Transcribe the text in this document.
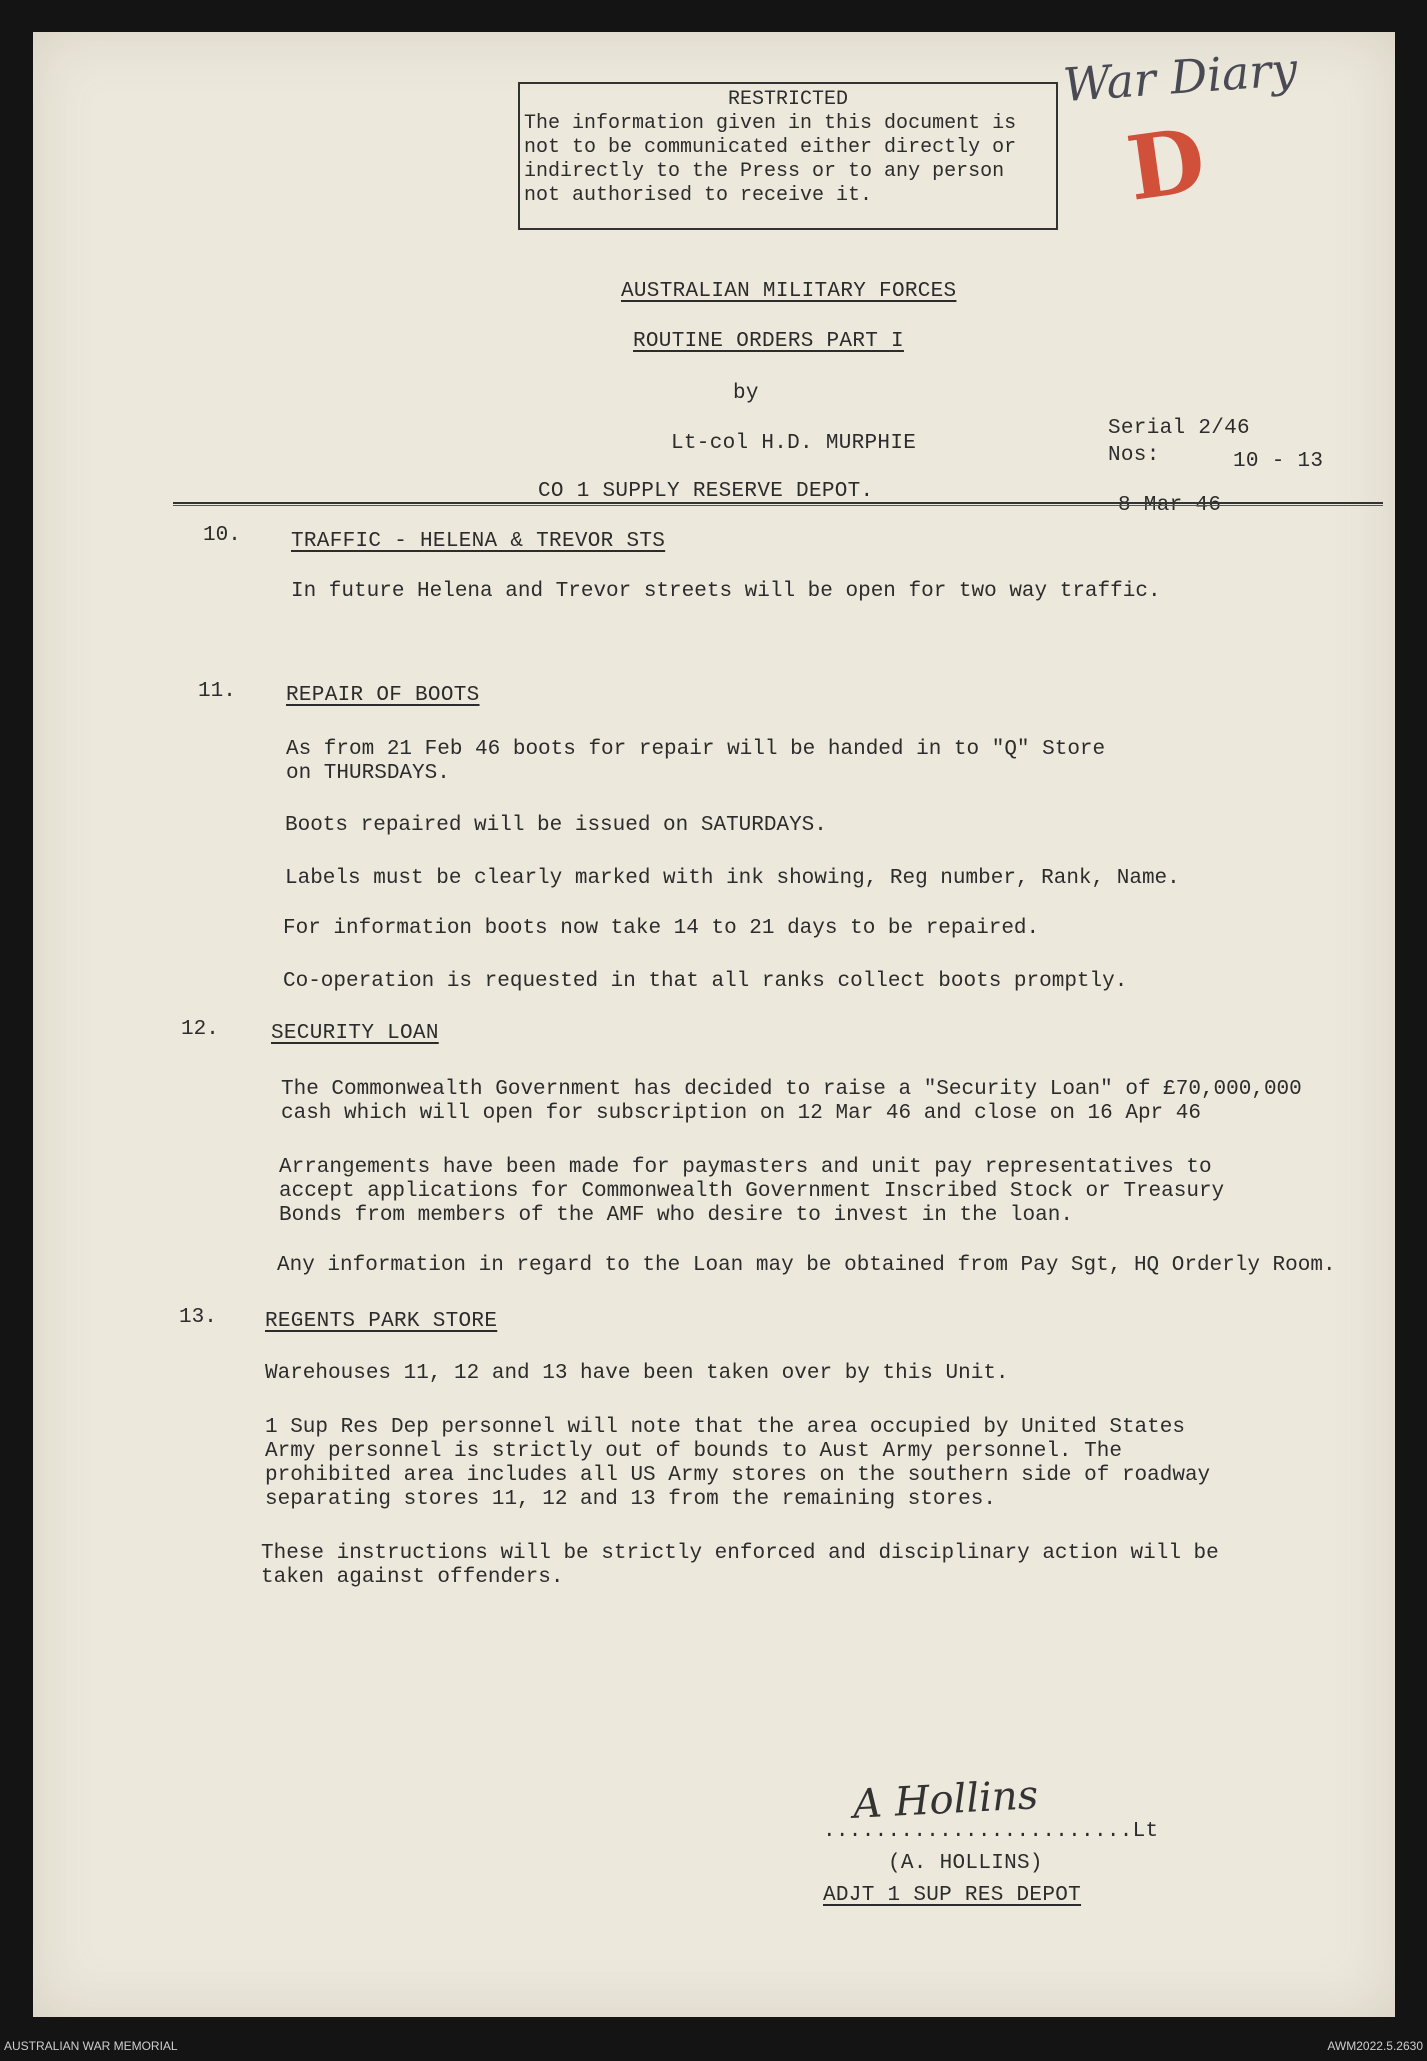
War Diary
D
RESTRICTED
The information given in this document is
not to be communicated either directly or
indirectly to the Press or to any person
not authorised to receive it.
AUSTRALIAN MILITARY FORCES
ROUTINE ORDERS PART I
by
Lt-col H.D. MURPHIE
Serial 2/46
Nos:	10 - 13
CO 1 SUPPLY RESERVE DEPOT.
8 Mar 46
10. TRAFFIC - HELENA & TREVOR STS
In future Helena and Trevor streets will be open for two way traffic.
11. REPAIR OF BOOTS
As from 21 Feb 46 boots for repair will be handed in to "Q" Store
on THURSDAYS.
Boots repaired will be issued on SATURDAYS.
Labels must be clearly marked with ink showing, Reg number, Rank, Name.
For information boots now take 14 to 21 days to be repaired.
Co-operation is requested in that all ranks collect boots promptly.
12. SECURITY LOAN
The Commonwealth Government has decided to raise a "Security Loan" of £70,000,000
cash which will open for subscription on 12 Mar 46 and close on 16 Apr 46
Arrangements have been made for paymasters and unit pay representatives to
accept applications for Commonwealth Government Inscribed Stock or Treasury
Bonds from members of the AMF who desire to invest in the loan.
Any information in regard to the Loan may be obtained from Pay Sgt, HQ Orderly Room.
13. REGENTS PARK STORE
Warehouses 11, 12 and 13 have been taken over by this Unit.
1 Sup Res Dep personnel will note that the area occupied by United States
Army personnel is strictly out of bounds to Aust Army personnel. The
prohibited area includes all US Army stores on the southern side of roadway
separating stores 11, 12 and 13 from the remaining stores.
These instructions will be strictly enforced and disciplinary action will be
taken against offenders.
A Hollins
........................Lt
(A. HOLLINS)
ADJT 1 SUP RES DEPOT
AUSTRALIAN WAR MEMORIAL	AWM2022.5.2630
